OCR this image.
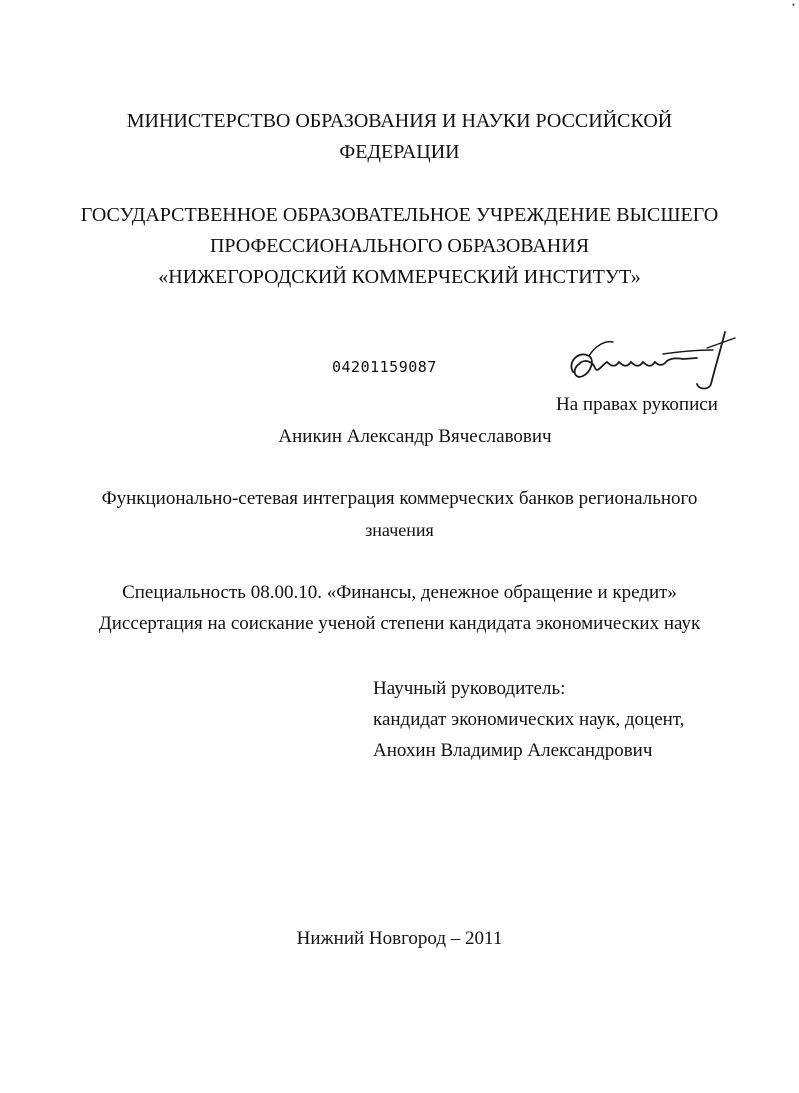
МИНИСТЕРСТВО ОБРАЗОВАНИЯ И НАУКИ РОССИЙСКОЙ
ФЕДЕРАЦИИ
ГОСУДАРСТВЕННОЕ ОБРАЗОВАТЕЛЬНОЕ УЧРЕЖДЕНИЕ ВЫСШЕГО
ПРОФЕССИОНАЛЬНОГО ОБРАЗОВАНИЯ
«НИЖЕГОРОДСКИЙ КОММЕРЧЕСКИЙ ИНСТИТУТ»
04201159087
На правах рукописи
Аникин Александр Вячеславович
Функционально-сетевая интеграция коммерческих банков регионального
значения
Специальность 08.00.10. «Финансы, денежное обращение и кредит»
Диссертация на соискание ученой степени кандидата экономических наук
Научный руководитель:
кандидат экономических наук, доцент,
Анохин Владимир Александрович
Нижний Новгород – 2011
•
